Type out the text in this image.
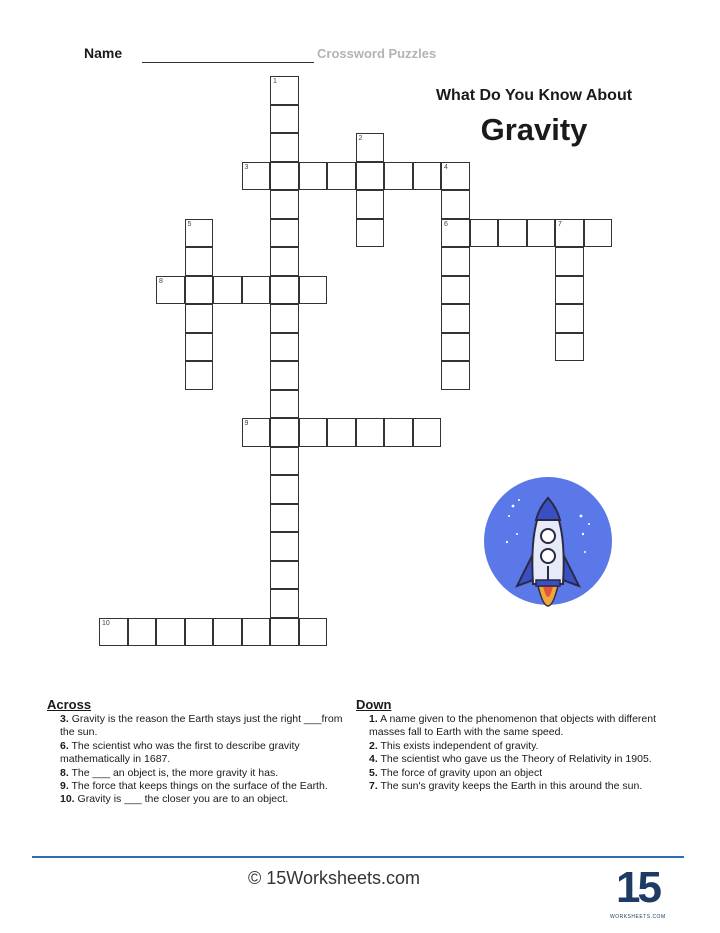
Name	Crossword Puzzles
What Do You Know About
Gravity
1
2
3	4
6
5	7
8
9
10
Across

3. Gravity is the reason the Earth stays just the right ___from the sun.

6. The scientist who was the first to describe gravity mathematically in 1687.

8. The ___ an object is, the more gravity it has.

9. The force that keeps things on the surface of the Earth.

10. Gravity is ___ the closer you are to an object.

Down

1. A name given to the phenomenon that objects with different masses fall to Earth with the same speed.

2. This exists independent of gravity.

4. The scientist who gave us the Theory of Relativity in 1905.

5. The force of gravity upon an object

7. The sun's gravity keeps the Earth in this around the sun.

© 15Worksheets.com	15
WORKSHEETS.COM
